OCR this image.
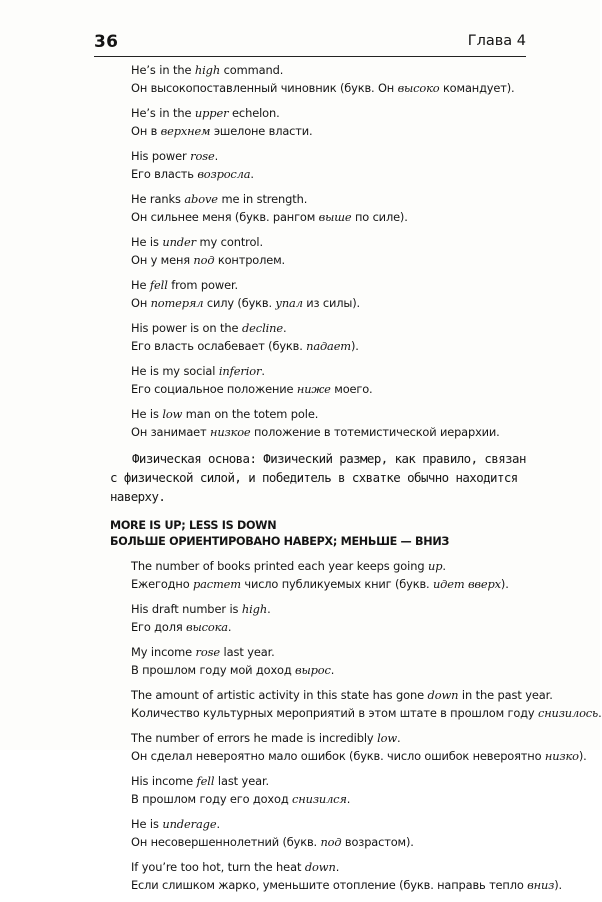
36	Глава 4
He’s in the high command.
Он высокопоставленный чиновник (букв. Он высоко командует).
He’s in the upper echelon.
Он в верхнем эшелоне власти.
His power rose.
Его власть возросла.
He ranks above me in strength.
Он сильнее меня (букв. рангом выше по силе).
He is under my control.
Он у меня под контролем.
He fell from power.
Он потерял силу (букв. упал из силы).
His power is on the decline.
Его власть ослабевает (букв. падает).
He is my social inferior.
Его социальное положение ниже моего.
He is low man on the totem pole.
Он занимает низкое положение в тотемистической иерархии.

Физическая основа: Физический размер, как правило, связан с физической силой, и победитель в схватке обычно находится наверху.

MORE IS UP; LESS IS DOWN
БОЛЬШЕ ОРИЕНТИРОВАНО НАВЕРХ; МЕНЬШЕ — ВНИЗ
The number of books printed each year keeps going up.
Ежегодно растет число публикуемых книг (букв. идет вверх).
His draft number is high.
Его доля высока.
My income rose last year.
В прошлом году мой доход вырос.
The amount of artistic activity in this state has gone down in the past year.
Количество культурных мероприятий в этом штате в прошлом году снизилось.
The number of errors he made is incredibly low.
Он сделал невероятно мало ошибок (букв. число ошибок невероятно низко).
His income fell last year.
В прошлом году его доход снизился.
He is underage.
Он несовершеннолетний (букв. под возрастом).
If you’re too hot, turn the heat down.
Если слишком жарко, уменьшите отопление (букв. направь тепло вниз).
